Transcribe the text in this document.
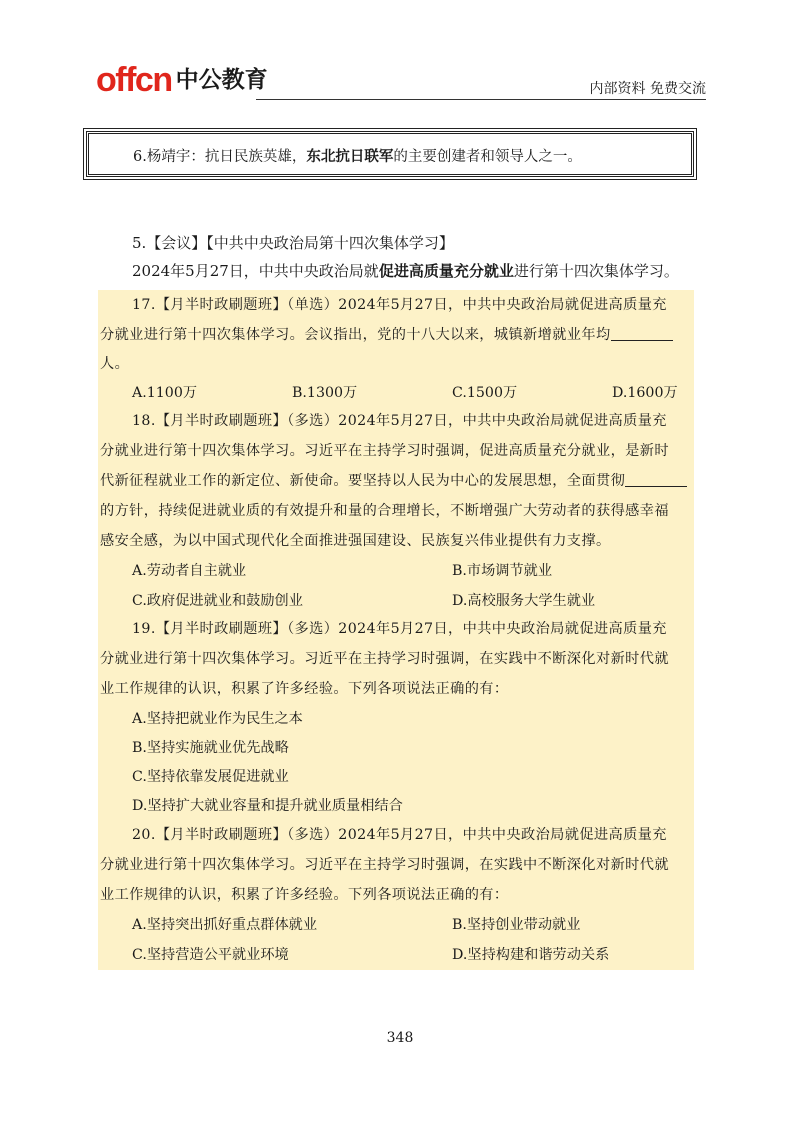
offcn 中公教育	内部资料 免费交流
6.杨靖宇：抗日民族英雄，东北抗日联军的主要创建者和领导人之一。
5.【会议】【中共中央政治局第十四次集体学习】
2024年5月27日，中共中央政治局就促进高质量充分就业进行第十四次集体学习。
17.【月半时政刷题班】（单选）2024年5月27日，中共中央政治局就促进高质量充
分就业进行第十四次集体学习。会议指出，党的十八大以来，城镇新增就业年均
人。
A.1100万	B.1300万	C.1500万	D.1600万
18.【月半时政刷题班】（多选）2024年5月27日，中共中央政治局就促进高质量充
分就业进行第十四次集体学习。习近平在主持学习时强调，促进高质量充分就业，是新时
代新征程就业工作的新定位、新使命。要坚持以人民为中心的发展思想，全面贯彻
的方针，持续促进就业质的有效提升和量的合理增长，不断增强广大劳动者的获得感幸福
感安全感，为以中国式现代化全面推进强国建设、民族复兴伟业提供有力支撑。
A.劳动者自主就业	B.市场调节就业
C.政府促进就业和鼓励创业	D.高校服务大学生就业
19.【月半时政刷题班】（多选）2024年5月27日，中共中央政治局就促进高质量充
分就业进行第十四次集体学习。习近平在主持学习时强调，在实践中不断深化对新时代就
业工作规律的认识，积累了许多经验。下列各项说法正确的有：
A.坚持把就业作为民生之本
B.坚持实施就业优先战略
C.坚持依靠发展促进就业
D.坚持扩大就业容量和提升就业质量相结合
20.【月半时政刷题班】（多选）2024年5月27日，中共中央政治局就促进高质量充
分就业进行第十四次集体学习。习近平在主持学习时强调，在实践中不断深化对新时代就
业工作规律的认识，积累了许多经验。下列各项说法正确的有：
A.坚持突出抓好重点群体就业	B.坚持创业带动就业
C.坚持营造公平就业环境	D.坚持构建和谐劳动关系
348
